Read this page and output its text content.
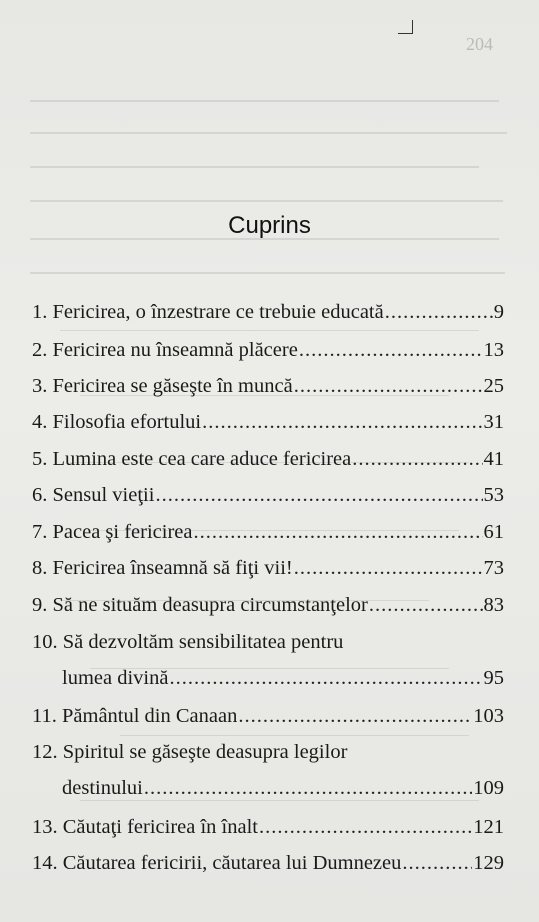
204
Cuprins
1. Fericirea, o înzestrare ce trebuie educată .....	9
2. Fericirea nu înseamnă plăcere .....	13
3. Fericirea se găseşte în muncă .....	25
4. Filosofia efortului .....	31
5. Lumina este cea care aduce fericirea .....	41
6. Sensul vieţii .....	53
7. Pacea şi fericirea .....	61
8. Fericirea înseamnă să fiţi vii! .....	73
9. Să ne situăm deasupra circumstanţelor .....	83
10. Să dezvoltăm sensibilitatea pentru
lumea divină .....	95
11. Pământul din Canaan .....	103
12. Spiritul se găseşte deasupra legilor
destinului .....	109
13. Căutaţi fericirea în înalt .....	121
14. Căutarea fericirii, căutarea lui Dumnezeu .....	129
